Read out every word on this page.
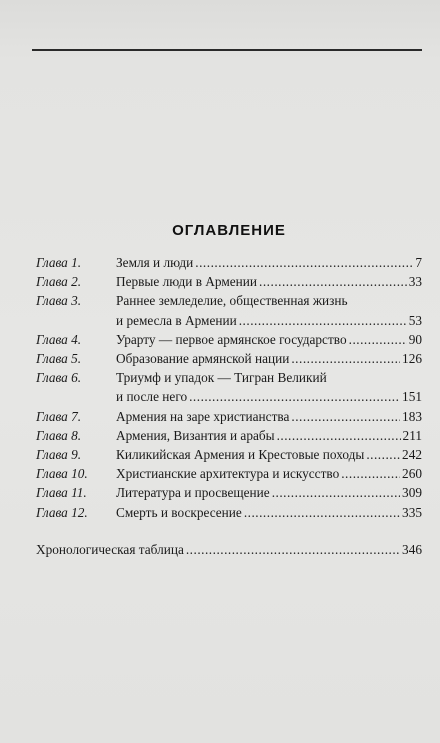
ОГЛАВЛЕНИЕ
Глава 1.	Земля и люди .....	7
Глава 2.	Первые люди в Армении .....	33
Глава 3.	Раннее земледелие, общественная жизнь
и ремесла в Армении .....	53
Глава 4.	Урарту — первое армянское государство .....	90
Глава 5.	Образование армянской нации .....	126
Глава 6.	Триумф и упадок — Тигран Великий
и после него .....	151
Глава 7.	Армения на заре христианства .....	183
Глава 8.	Армения, Византия и арабы .....	211
Глава 9.	Киликийская Армения и Крестовые походы .....	242
Глава 10.	Христианские архитектура и искусство .....	260
Глава 11.	Литература и просвещение .....	309
Глава 12.	Смерть и воскресение .....	335
Хронологическая таблица .....	346
